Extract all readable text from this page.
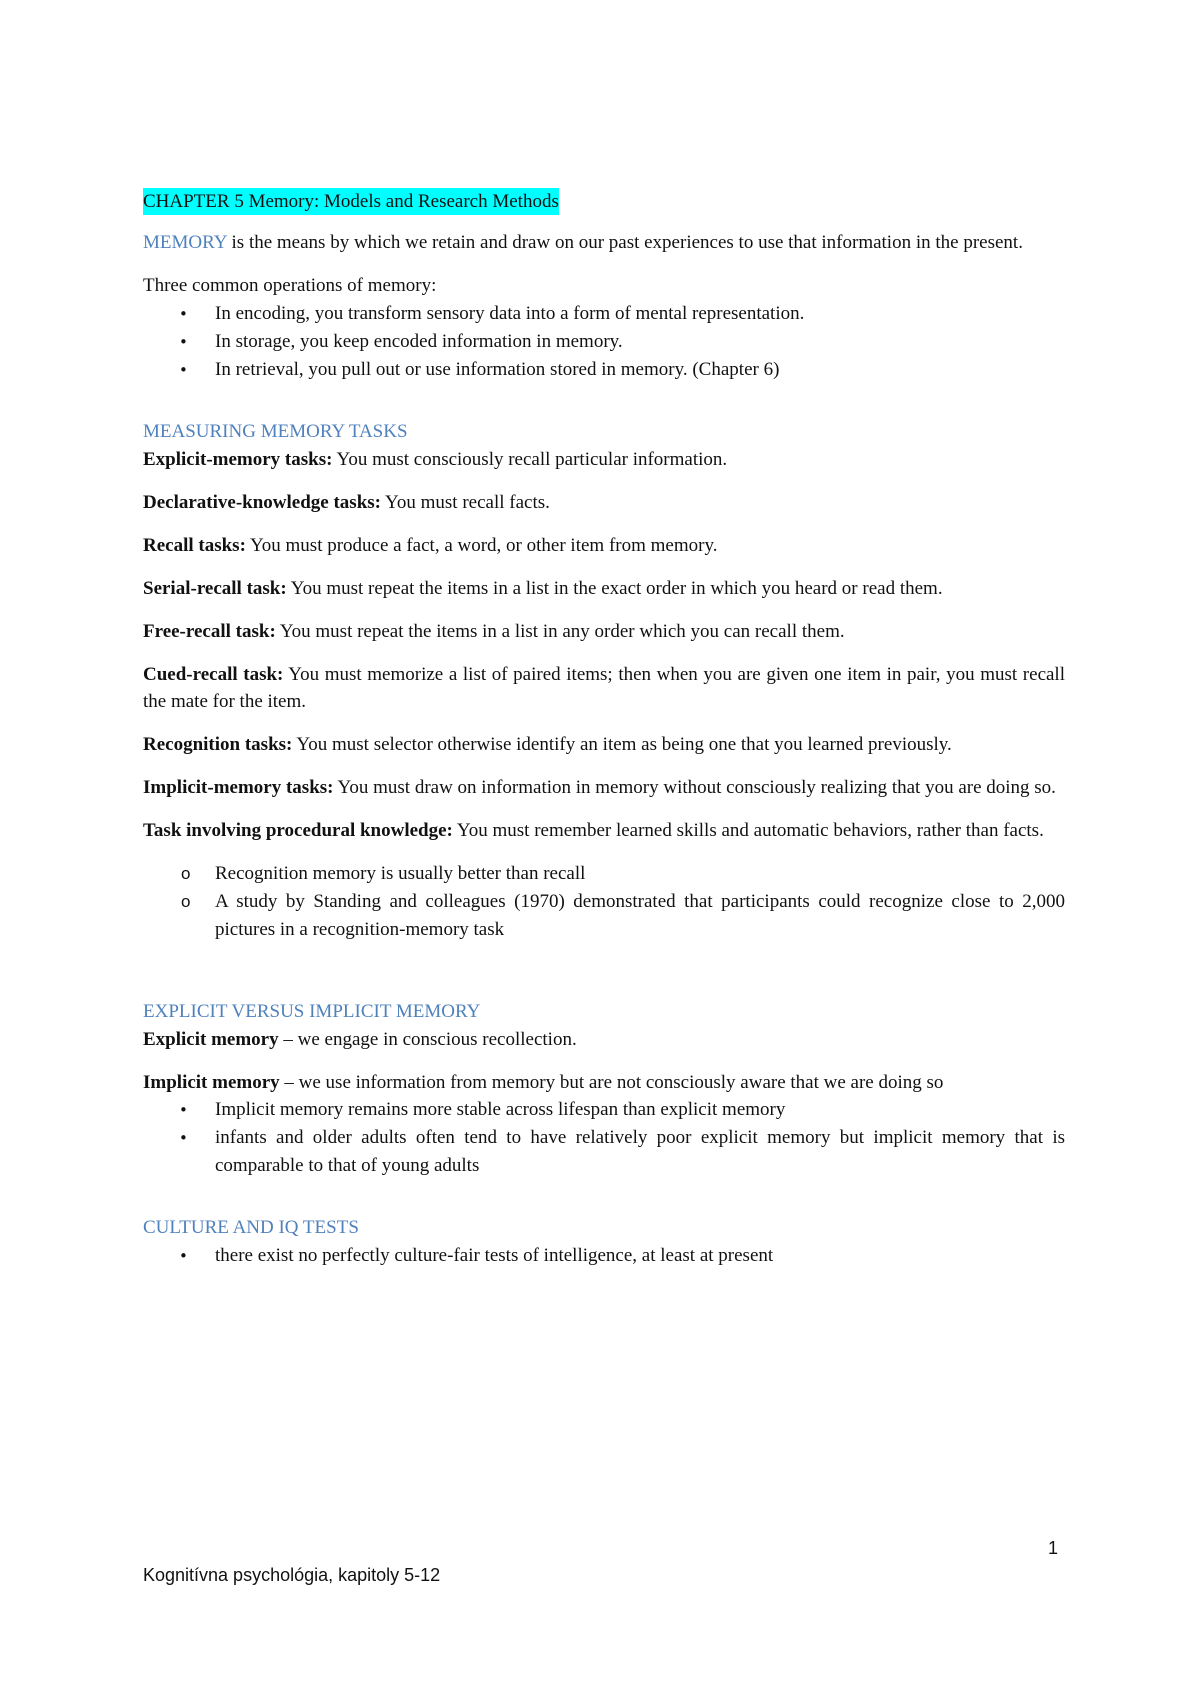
CHAPTER 5 Memory: Models and Research Methods

MEMORY is the means by which we retain and draw on our past experiences to use that information in the present.

Three common operations of memory:
• In encoding, you transform sensory data into a form of mental representation.
• In storage, you keep encoded information in memory.
• In retrieval, you pull out or use information stored in memory. (Chapter 6)
MEASURING MEMORY TASKS

Explicit-memory tasks: You must consciously recall particular information.

Declarative-knowledge tasks: You must recall facts.

Recall tasks: You must produce a fact, a word, or other item from memory.

Serial-recall task: You must repeat the items in a list in the exact order in which you heard or read them.

Free-recall task: You must repeat the items in a list in any order which you can recall them.

Cued-recall task: You must memorize a list of paired items; then when you are given one item in pair, you must recall the mate for the item.

Recognition tasks: You must selector otherwise identify an item as being one that you learned previously.

Implicit-memory tasks: You must draw on information in memory without consciously realizing that you are doing so.

Task involving procedural knowledge: You must remember learned skills and automatic behaviors, rather than facts.

o Recognition memory is usually better than recall
o A study by Standing and colleagues (1970) demonstrated that participants could recognize close to 2,000 pictures in a recognition-memory task
EXPLICIT VERSUS IMPLICIT MEMORY

Explicit memory – we engage in conscious recollection.

Implicit memory – we use information from memory but are not consciously aware that we are doing so

• Implicit memory remains more stable across lifespan than explicit memory
• infants and older adults often tend to have relatively poor explicit memory but implicit memory that is comparable to that of young adults
CULTURE AND IQ TESTS
• there exist no perfectly culture-fair tests of intelligence, at least at present
1
Kognitívna psychológia, kapitoly 5-12
